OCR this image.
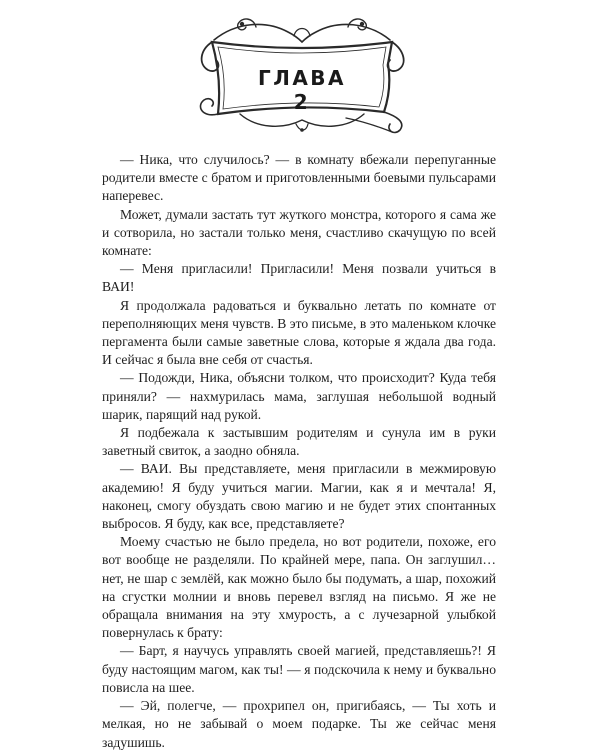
ГЛАВА 2

— Ника, что случилось? — в комнату вбежали перепуганные родители вместе с братом и приготовленными боевыми пульсарами наперевес.

Может, думали застать тут жуткого монстра, которого я сама же и сотворила, но застали только меня, счастливо скачущую по всей комнате:

— Меня пригласили! Пригласили! Меня позвали учиться в ВАИ!

Я продолжала радоваться и буквально летать по комнате от переполняющих меня чувств. В это письме, в это маленьком клочке пергамента были самые заветные слова, которые я ждала два года. И сейчас я была вне себя от счастья.

— Подожди, Ника, объясни толком, что происходит? Куда тебя приняли? — нахмурилась мама, заглушая небольшой водный шарик, парящий над рукой.

Я подбежала к застывшим родителям и сунула им в руки заветный свиток, а заодно обняла.

— ВАИ. Вы представляете, меня пригласили в межмировую академию! Я буду учиться магии. Магии, как я и мечтала! Я, наконец, смогу обуздать свою магию и не будет этих спонтанных выбросов. Я буду, как все, представляете?

Моему счастью не было предела, но вот родители, похоже, его вот вообще не разделяли. По крайней мере, папа. Он заглушил… нет, не шар с землёй, как можно было бы подумать, а шар, похожий на сгустки молнии и вновь перевел взгляд на письмо. Я же не обращала внимания на эту хмурость, а с лучезарной улыбкой повернулась к брату:

— Барт, я научусь управлять своей магией, представляешь?! Я буду настоящим магом, как ты! — я подскочила к нему и буквально повисла на шее.

— Эй, полегче, — прохрипел он, пригибаясь, — Ты хоть и мелкая, но не забывай о моем подарке. Ты же сейчас меня задушишь.
